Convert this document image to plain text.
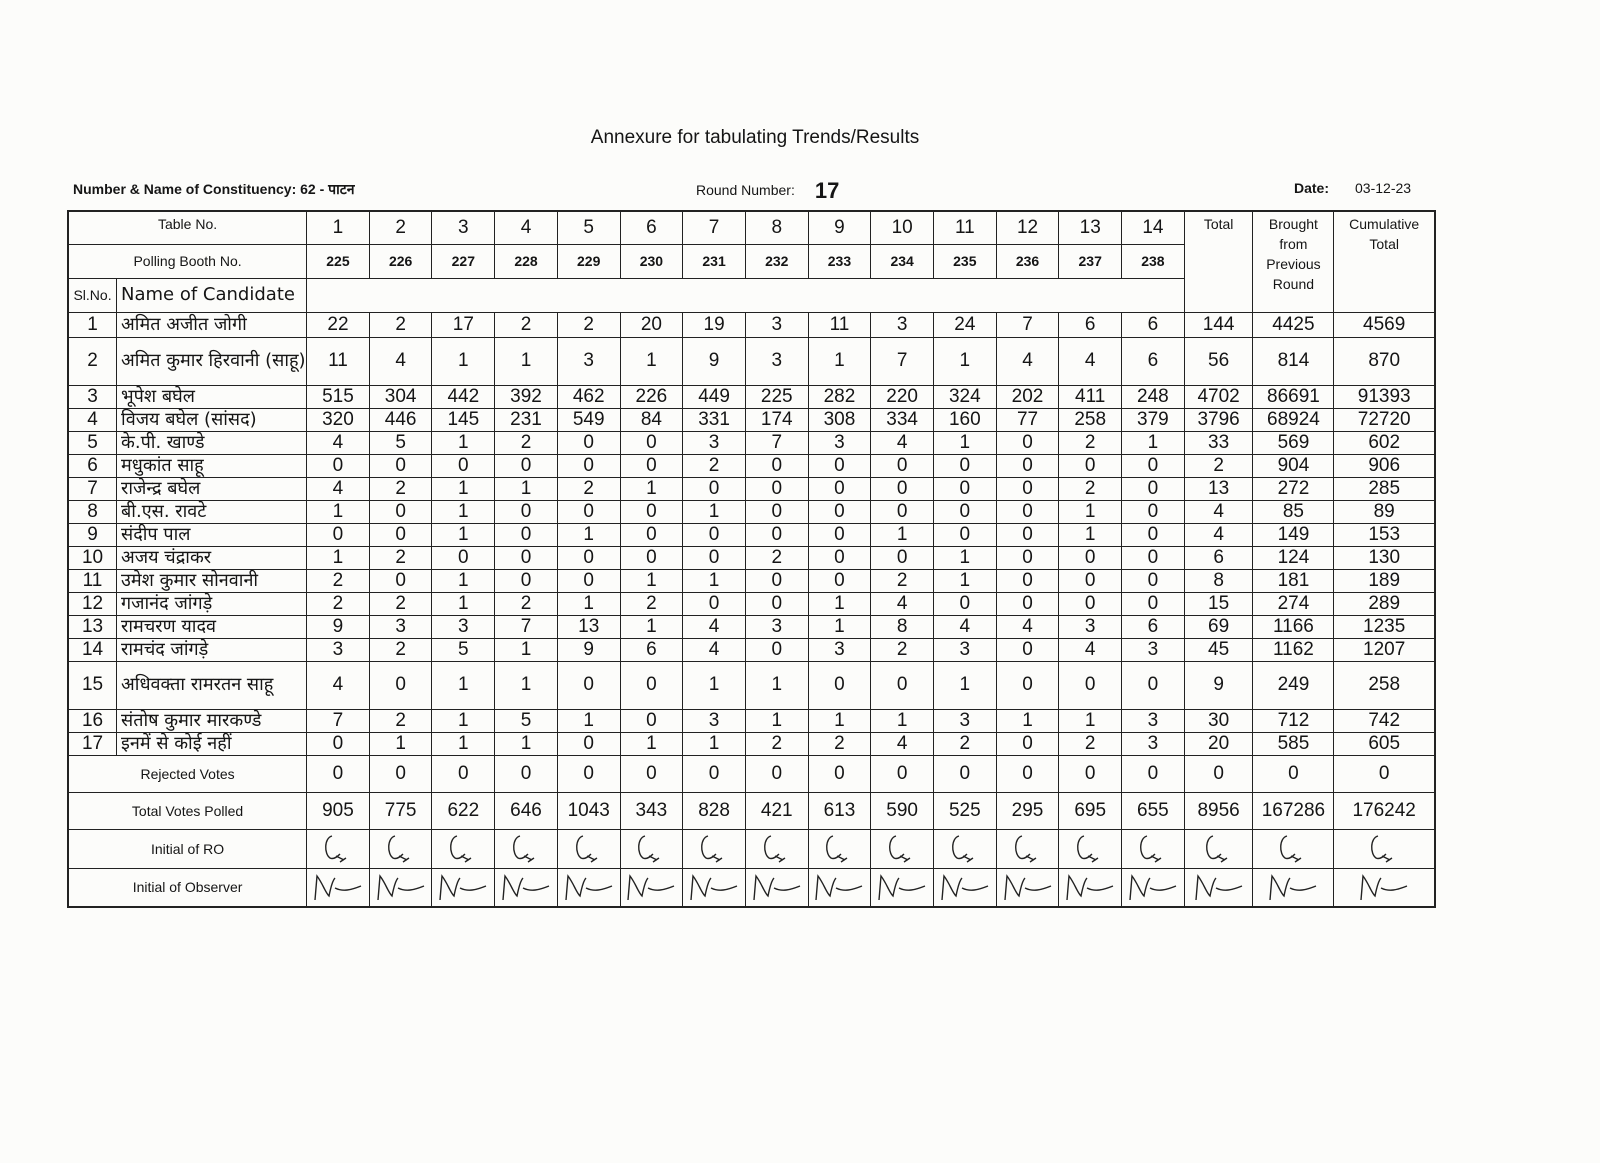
Annexure for tabulating Trends/Results
Number & Name of Constituency: 62 - पाटन	Round Number: 17	Date: 03-12-23
Table No.		1	2	3	4	5	6	7	8	9	10	11	12	13	14	Total	Brought from Previous Round	Cumulative Total
Polling Booth No.		225	226	227	228	229	230	231	232	233	234	235	236	237	238			
Sl.No.	Name of Candidate																	
1	अमित अजीत जोगी	22	2	17	2	2	20	19	3	11	3	24	7	6	6	144	4425	4569
2	अमित कुमार हिरवानी (साहू)	11	4	1	1	3	1	9	3	1	7	1	4	4	6	56	814	870
3	भूपेश बघेल	515	304	442	392	462	226	449	225	282	220	324	202	411	248	4702	86691	91393
4	विजय बघेल (सांसद)	320	446	145	231	549	84	331	174	308	334	160	77	258	379	3796	68924	72720
5	के.पी. खाण्डे	4	5	1	2	0	0	3	7	3	4	1	0	2	1	33	569	602
6	मधुकांत साहू	0	0	0	0	0	0	2	0	0	0	0	0	0	0	2	904	906
7	राजेन्द्र बघेल	4	2	1	1	2	1	0	0	0	0	0	0	2	0	13	272	285
8	बी.एस. रावटे	1	0	1	0	0	0	1	0	0	0	0	0	1	0	4	85	89
9	संदीप पाल	0	0	1	0	1	0	0	0	0	1	0	0	1	0	4	149	153
10	अजय चंद्राकर	1	2	0	0	0	0	0	2	0	0	1	0	0	0	6	124	130
11	उमेश कुमार सोनवानी	2	0	1	0	0	1	1	0	0	2	1	0	0	0	8	181	189
12	गजानंद जांगड़े	2	2	1	2	1	2	0	0	1	4	0	0	0	0	15	274	289
13	रामचरण यादव	9	3	3	7	13	1	4	3	1	8	4	4	3	6	69	1166	1235
14	रामचंद जांगड़े	3	2	5	1	9	6	4	0	3	2	3	0	4	3	45	1162	1207
15	अधिवक्ता रामरतन साहू	4	0	1	1	0	0	1	1	0	0	1	0	0	0	9	249	258
16	संतोष कुमार मारकण्डे	7	2	1	5	1	0	3	1	1	1	3	1	1	3	30	712	742
17	इनमें से कोई नहीं	0	1	1	1	0	1	1	2	2	4	2	0	2	3	20	585	605
Rejected Votes		0	0	0	0	0	0	0	0	0	0	0	0	0	0	0	0	0
Total Votes Polled		905	775	622	646	1043	343	828	421	613	590	525	295	695	655	8956	167286	176242
Initial of RO	

Initial of Observer	
